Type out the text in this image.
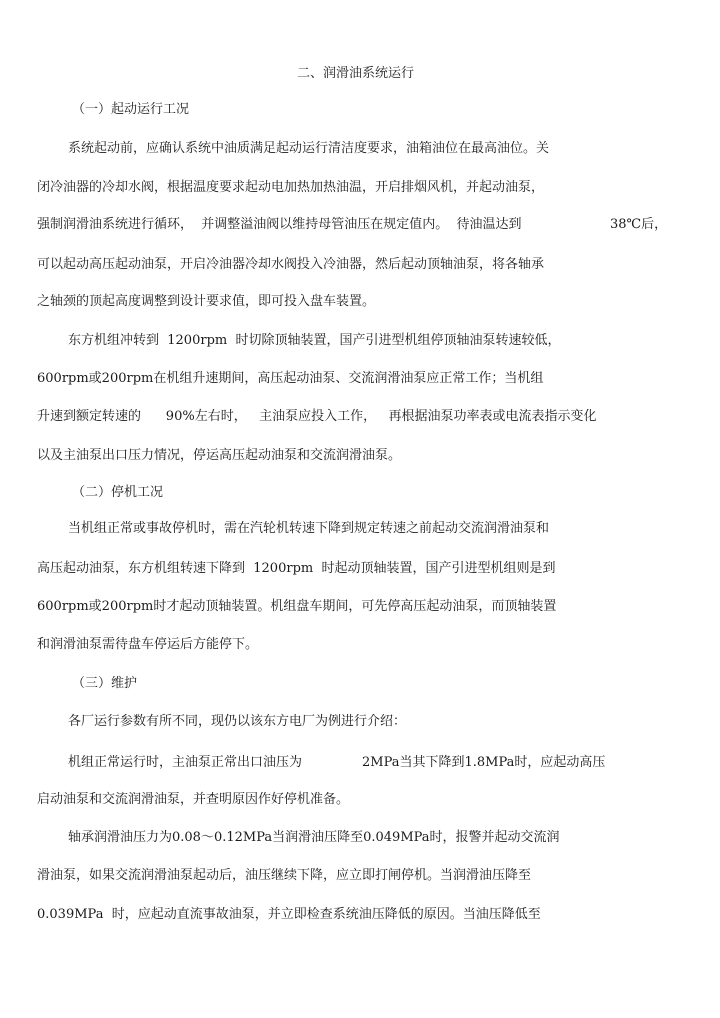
二、润滑油系统运行
（一）起动运行工况
系统起动前，应确认系统中油质满足起动运行清洁度要求，油箱油位在最高油位。关
闭冷油器的冷却水阀，根据温度要求起动电加热加热油温，开启排烟风机，并起动油泵，
强制润滑油系统进行循环，  并调整溢油阀以维持母管油压在规定值内。  待油温达到	38℃后，
可以起动高压起动油泵，开启冷油器冷却水阀投入冷油器，然后起动顶轴油泵，将各轴承
之轴颈的顶起高度调整到设计要求值，即可投入盘车装置。
东方机组冲转到  1200rpm  时切除顶轴装置，国产引进型机组停顶轴油泵转速较低，
600rpm或200rpm在机组升速期间，高压起动油泵、交流润滑油泵应正常工作；当机组
升速到额定转速的      90%左右时，   主油泵应投入工作，   再根据油泵功率表或电流表指示变化
以及主油泵出口压力情况，停运高压起动油泵和交流润滑油泵。
（二）停机工况
当机组正常或事故停机时，需在汽轮机转速下降到规定转速之前起动交流润滑油泵和
高压起动油泵，东方机组转速下降到  1200rpm  时起动顶轴装置，国产引进型机组则是到
600rpm或200rpm时才起动顶轴装置。机组盘车期间，可先停高压起动油泵，而顶轴装置
和润滑油泵需待盘车停运后方能停下。
（三）维护
各厂运行参数有所不同，现仍以该东方电厂为例进行介绍：
机组正常运行时，主油泵正常出口油压为	2MPa当其下降到1.8MPa时，应起动高压
启动油泵和交流润滑油泵，并查明原因作好停机准备。
轴承润滑油压力为0.08～0.12MPa当润滑油压降至0.049MPa时，报警并起动交流润
滑油泵，如果交流润滑油泵起动后，油压继续下降，应立即打闸停机。当润滑油压降至
0.039MPa  时，应起动直流事故油泵，并立即检查系统油压降低的原因。当油压降低至
